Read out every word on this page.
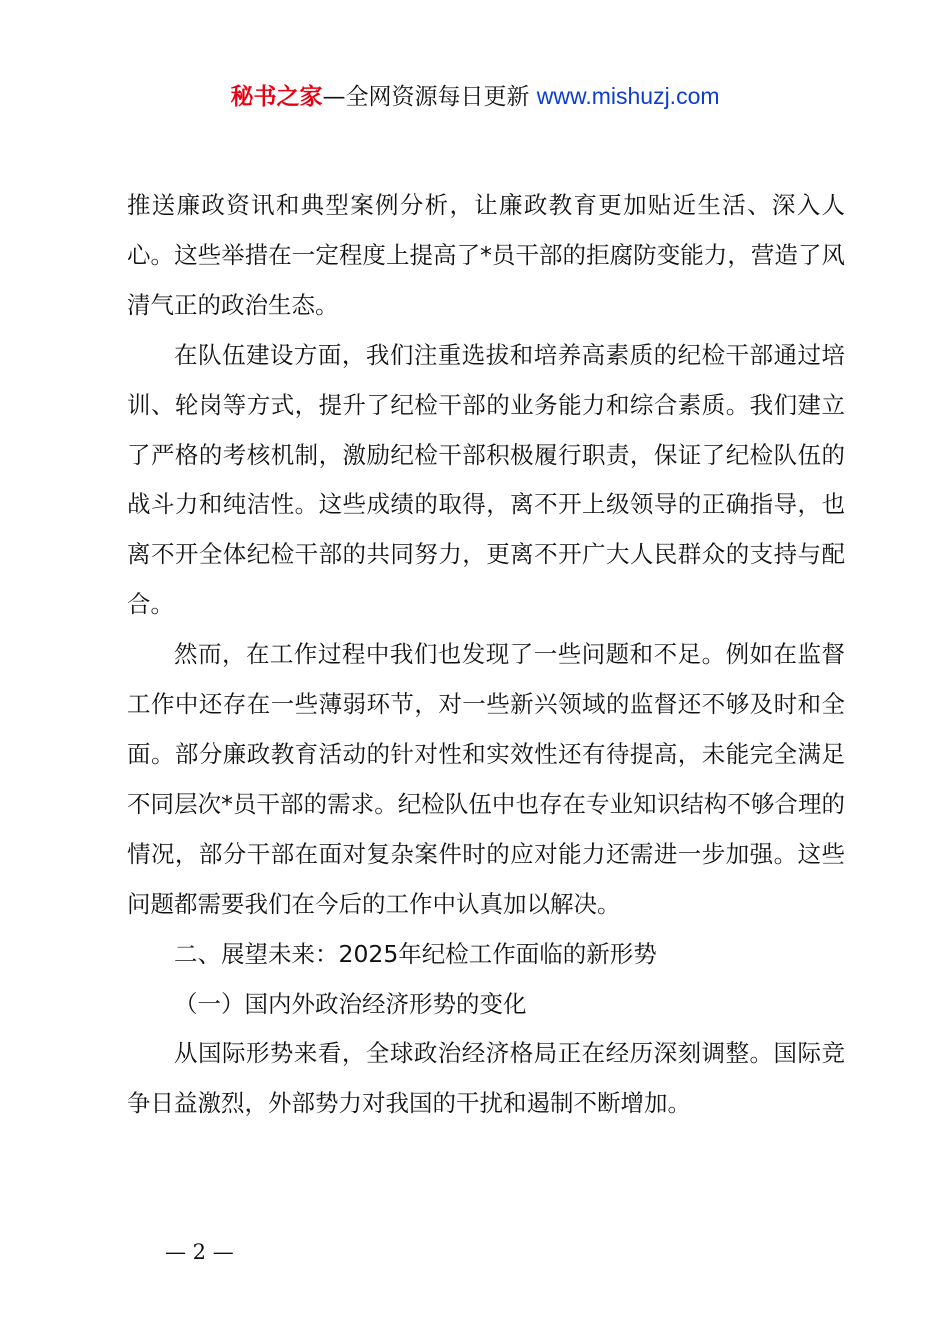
秘书之家—全网资源每日更新 www.mishuzj.com

推送廉政资讯和典型案例分析，让廉政教育更加贴近生活、深入人心。这些举措在一定程度上提高了*员干部的拒腐防变能力，营造了风清气正的政治生态。

在队伍建设方面，我们注重选拔和培养高素质的纪检干部通过培训、轮岗等方式，提升了纪检干部的业务能力和综合素质。我们建立了严格的考核机制，激励纪检干部积极履行职责，保证了纪检队伍的战斗力和纯洁性。这些成绩的取得，离不开上级领导的正确指导，也离不开全体纪检干部的共同努力，更离不开广大人民群众的支持与配合。

然而，在工作过程中我们也发现了一些问题和不足。例如在监督工作中还存在一些薄弱环节，对一些新兴领域的监督还不够及时和全面。部分廉政教育活动的针对性和实效性还有待提高，未能完全满足不同层次*员干部的需求。纪检队伍中也存在专业知识结构不够合理的情况，部分干部在面对复杂案件时的应对能力还需进一步加强。这些问题都需要我们在今后的工作中认真加以解决。

二、展望未来：2025年纪检工作面临的新形势

（一）国内外政治经济形势的变化

从国际形势来看，全球政治经济格局正在经历深刻调整。国际竞争日益激烈，外部势力对我国的干扰和遏制不断增加。

— 2 —
